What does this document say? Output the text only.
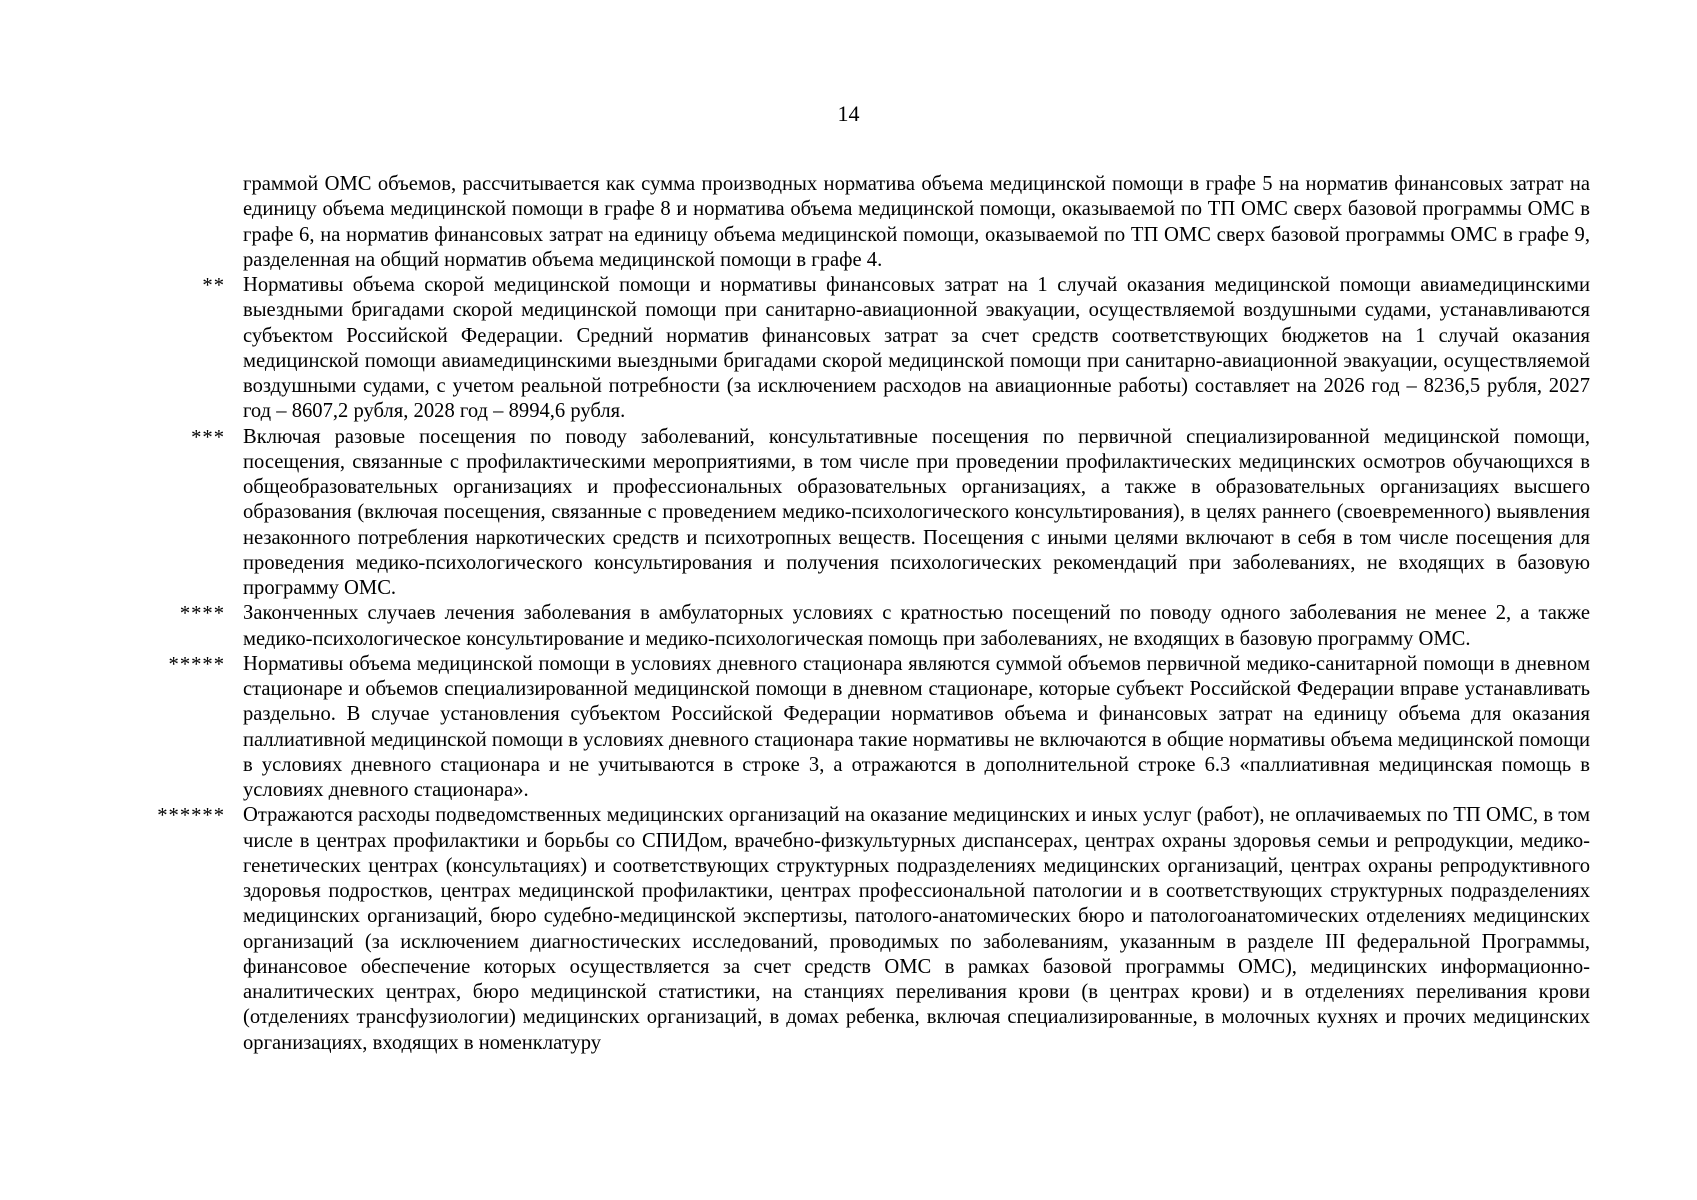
14

граммой ОМС объемов, рассчитывается как сумма производных норматива объема медицинской помощи в графе 5 на норматив финансовых затрат на единицу объема медицинской помощи в графе 8 и норматива объема медицинской помощи, оказываемой по ТП ОМС сверх базовой программы ОМС в графе 6, на норматив финансовых затрат на единицу объема медицинской помощи, оказываемой по ТП ОМС сверх базовой программы ОМС в графе 9, разделенная на общий норматив объема медицинской помощи в графе 4.

** Нормативы объема скорой медицинской помощи и нормативы финансовых затрат на 1 случай оказания медицинской помощи авиамедицинскими выездными бригадами скорой медицинской помощи при санитарно-авиационной эвакуации, осуществляемой воздушными судами, устанавливаются субъектом Российской Федерации. Средний норматив финансовых затрат за счет средств соответствующих бюджетов на 1 случай оказания медицинской помощи авиамедицинскими выездными бригадами скорой медицинской помощи при санитарно-авиационной эвакуации, осуществляемой воздушными судами, с учетом реальной потребности (за исключением расходов на авиационные работы) составляет на 2026 год – 8236,5 рубля, 2027 год – 8607,2 рубля, 2028 год – 8994,6 рубля.

*** Включая разовые посещения по поводу заболеваний, консультативные посещения по первичной специализированной медицинской помощи, посещения, связанные с профилактическими мероприятиями, в том числе при проведении профилактических медицинских осмотров обучающихся в общеобразовательных организациях и профессиональных образовательных организациях, а также в образовательных организациях высшего образования (включая посещения, связанные с проведением медико-психологического консультирования), в целях раннего (своевременного) выявления незаконного потребления наркотических средств и психотропных веществ. Посещения с иными целями включают в себя в том числе посещения для проведения медико-психологического консультирования и получения психологических рекомендаций при заболеваниях, не входящих в базовую программу ОМС.

**** Законченных случаев лечения заболевания в амбулаторных условиях с кратностью посещений по поводу одного заболевания не менее 2, а также медико-психологическое консультирование и медико-психологическая помощь при заболеваниях, не входящих в базовую программу ОМС.

***** Нормативы объема медицинской помощи в условиях дневного стационара являются суммой объемов первичной медико-санитарной помощи в дневном стационаре и объемов специализированной медицинской помощи в дневном стационаре, которые субъект Российской Федерации вправе устанавливать раздельно. В случае установления субъектом Российской Федерации нормативов объема и финансовых затрат на единицу объема для оказания паллиативной медицинской помощи в условиях дневного стационара такие нормативы не включаются в общие нормативы объема медицинской помощи в условиях дневного стационара и не учитываются в строке 3, а отражаются в дополнительной строке 6.3 «паллиативная медицинская помощь в условиях дневного стационара».

****** Отражаются расходы подведомственных медицинских организаций на оказание медицинских и иных услуг (работ), не оплачиваемых по ТП ОМС, в том числе в центрах профилактики и борьбы со СПИДом, врачебно-физкультурных диспансерах, центрах охраны здоровья семьи и репродукции, медико-генетических центрах (консультациях) и соответствующих структурных подразделениях медицинских организаций, центрах охраны репродуктивного здоровья подростков, центрах медицинской профилактики, центрах профессиональной патологии и в соответствующих структурных подразделениях медицинских организаций, бюро судебно-медицинской экспертизы, патолого-анатомических бюро и патологоанатомических отделениях медицинских организаций (за исключением диагностических исследований, проводимых по заболеваниям, указанным в разделе III федеральной Программы, финансовое обеспечение которых осуществляется за счет средств ОМС в рамках базовой программы ОМС), медицинских информационно-аналитических центрах, бюро медицинской статистики, на станциях переливания крови (в центрах крови) и в отделениях переливания крови (отделениях трансфузиологии) медицинских организаций, в домах ребенка, включая специализированные, в молочных кухнях и прочих медицинских организациях, входящих в номенклатуру
